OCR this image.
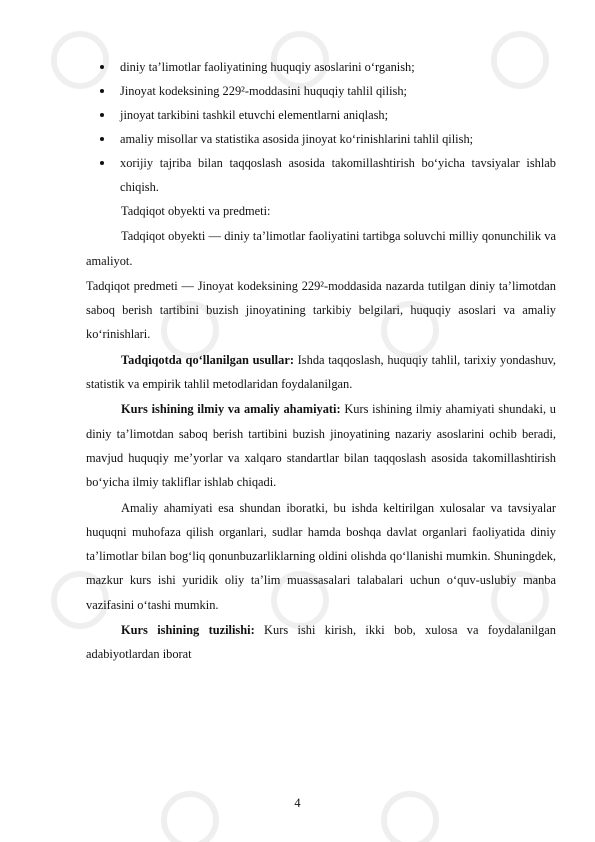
diniy ta’limotlar faoliyatining huquqiy asoslarini o‘rganish;
Jinoyat kodeksining 229²-moddasini huquqiy tahlil qilish;
jinoyat tarkibini tashkil etuvchi elementlarni aniqlash;
amaliy misollar va statistika asosida jinoyat ko‘rinishlarini tahlil qilish;
xorijiy tajriba bilan taqqoslash asosida takomillashtirish bo‘yicha tavsiyalar ishlab chiqish.

Tadqiqot obyekti va predmeti:

Tadqiqot obyekti — diniy ta’limotlar faoliyatini tartibga soluvchi milliy qonunchilik va amaliyot.

Tadqiqot predmeti — Jinoyat kodeksining 229²-moddasida nazarda tutilgan diniy ta’limotdan saboq berish tartibini buzish jinoyatining tarkibiy belgilari, huquqiy asoslari va amaliy ko‘rinishlari.

Tadqiqotda qo‘llanilgan usullar: Ishda taqqoslash, huquqiy tahlil, tarixiy yondashuv, statistik va empirik tahlil metodlaridan foydalanilgan.

Kurs ishining ilmiy va amaliy ahamiyati: Kurs ishining ilmiy ahamiyati shundaki, u diniy ta’limotdan saboq berish tartibini buzish jinoyatining nazariy asoslarini ochib beradi, mavjud huquqiy me’yorlar va xalqaro standartlar bilan taqqoslash asosida takomillashtirish bo‘yicha ilmiy takliflar ishlab chiqadi.

Amaliy ahamiyati esa shundan iboratki, bu ishda keltirilgan xulosalar va tavsiyalar huquqni muhofaza qilish organlari, sudlar hamda boshqa davlat organlari faoliyatida diniy ta’limotlar bilan bog‘liq qonunbuzarliklarning oldini olishda qo‘llanishi mumkin. Shuningdek, mazkur kurs ishi yuridik oliy ta’lim muassasalari talabalari uchun o‘quv-uslubiy manba vazifasini o‘tashi mumkin.

Kurs ishining tuzilishi: Kurs ishi kirish, ikki bob, xulosa va foydalanilgan adabiyotlardan iborat

4
